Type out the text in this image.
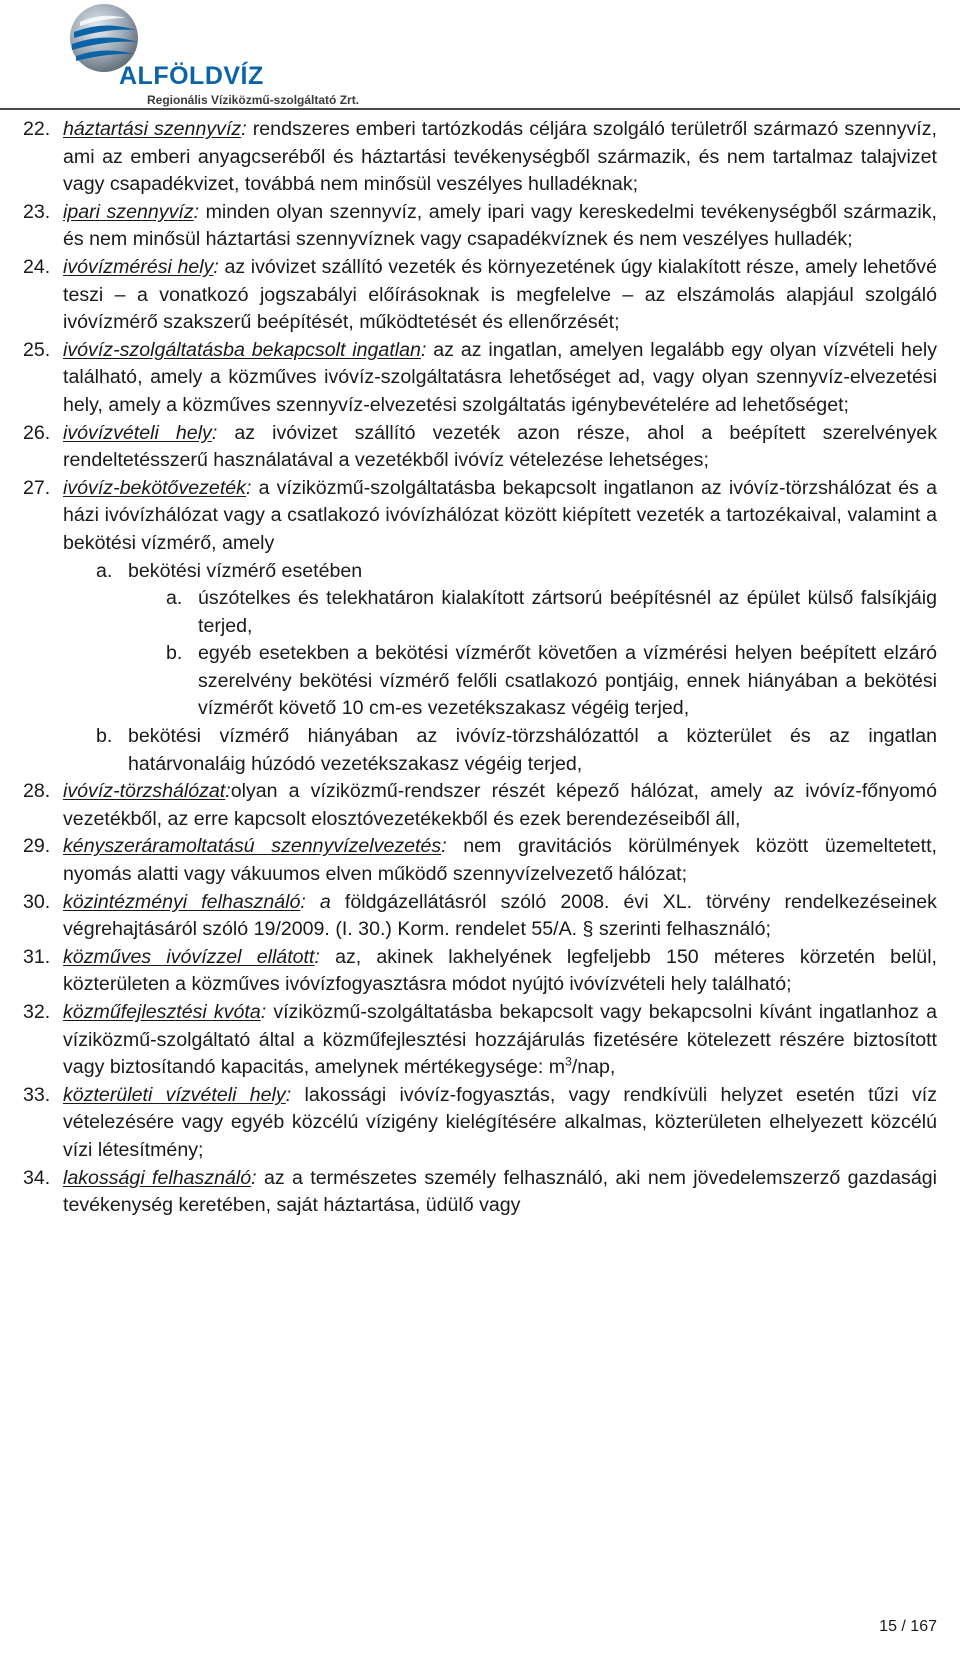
ALFÖLDVÍZ
Regionális Víziközmű-szolgáltató Zrt.
22. háztartási szennyvíz: rendszeres emberi tartózkodás céljára szolgáló területről származó szennyvíz, ami az emberi anyagcseréből és háztartási tevékenységből származik, és nem tartalmaz talajvizet vagy csapadékvizet, továbbá nem minősül veszélyes hulladéknak;
23. ipari szennyvíz: minden olyan szennyvíz, amely ipari vagy kereskedelmi tevékenységből származik, és nem minősül háztartási szennyvíznek vagy csapadékvíznek és nem veszélyes hulladék;
24. ivóvízmérési hely: az ivóvizet szállító vezeték és környezetének úgy kialakított része, amely lehetővé teszi – a vonatkozó jogszabályi előírásoknak is megfelelve – az elszámolás alapjául szolgáló ivóvízmérő szakszerű beépítését, működtetését és ellenőrzését;
25. ivóvíz-szolgáltatásba bekapcsolt ingatlan: az az ingatlan, amelyen legalább egy olyan vízvételi hely található, amely a közműves ivóvíz-szolgáltatásra lehetőséget ad, vagy olyan szennyvíz-elvezetési hely, amely a közműves szennyvíz-elvezetési szolgáltatás igénybevételére ad lehetőséget;
26. ivóvízvételi hely: az ivóvizet szállító vezeték azon része, ahol a beépített szerelvények rendeltetésszerű használatával a vezetékből ivóvíz vételezése lehetséges;
27. ivóvíz-bekötővezeték: a víziközmű-szolgáltatásba bekapcsolt ingatlanon az ivóvíz-törzshálózat és a házi ivóvízhálózat vagy a csatlakozó ivóvízhálózat között kiépített vezeték a tartozékaival, valamint a bekötési vízmérő, amely
a. bekötési vízmérő esetében
a. úszótelkes és telekhatáron kialakított zártsorú beépítésnél az épület külső falsíkjáig terjed,
b. egyéb esetekben a bekötési vízmérőt követően a vízmérési helyen beépített elzáró szerelvény bekötési vízmérő felőli csatlakozó pontjáig, ennek hiányában a bekötési vízmérőt követő 10 cm-es vezetékszakasz végéig terjed,
b. bekötési vízmérő hiányában az ivóvíz-törzshálózattól a közterület és az ingatlan határvonaláig húzódó vezetékszakasz végéig terjed,
28. ivóvíz-törzshálózat:olyan a víziközmű-rendszer részét képező hálózat, amely az ivóvíz-főnyomó vezetékből, az erre kapcsolt elosztóvezetékekből és ezek berendezéseiből áll,
29. kényszeráramoltatású szennyvízelvezetés: nem gravitációs körülmények között üzemeltetett, nyomás alatti vagy vákuumos elven működő szennyvízelvezető hálózat;
30. közintézményi felhasználó: a földgázellátásról szóló 2008. évi XL. törvény rendelkezéseinek végrehajtásáról szóló 19/2009. (I. 30.) Korm. rendelet 55/A. § szerinti felhasználó;
31. közműves ivóvízzel ellátott: az, akinek lakhelyének legfeljebb 150 méteres körzetén belül, közterületen a közműves ivóvízfogyasztásra módot nyújtó ivóvízvételi hely található;
32. közműfejlesztési kvóta: víziközmű-szolgáltatásba bekapcsolt vagy bekapcsolni kívánt ingatlanhoz a víziközmű-szolgáltató által a közműfejlesztési hozzájárulás fizetésére kötelezett részére biztosított vagy biztosítandó kapacitás, amelynek mértékegysége: $m^3$/nap,
33. közterületi vízvételi hely: lakossági ivóvíz-fogyasztás, vagy rendkívüli helyzet esetén tűzi víz vételezésére vagy egyéb közcélú vízigény kielégítésére alkalmas, közterületen elhelyezett közcélú vízi létesítmény;
34. lakossági felhasználó: az a természetes személy felhasználó, aki nem jövedelemszerző gazdasági tevékenység keretében, saját háztartása, üdülő vagy
15 / 167
